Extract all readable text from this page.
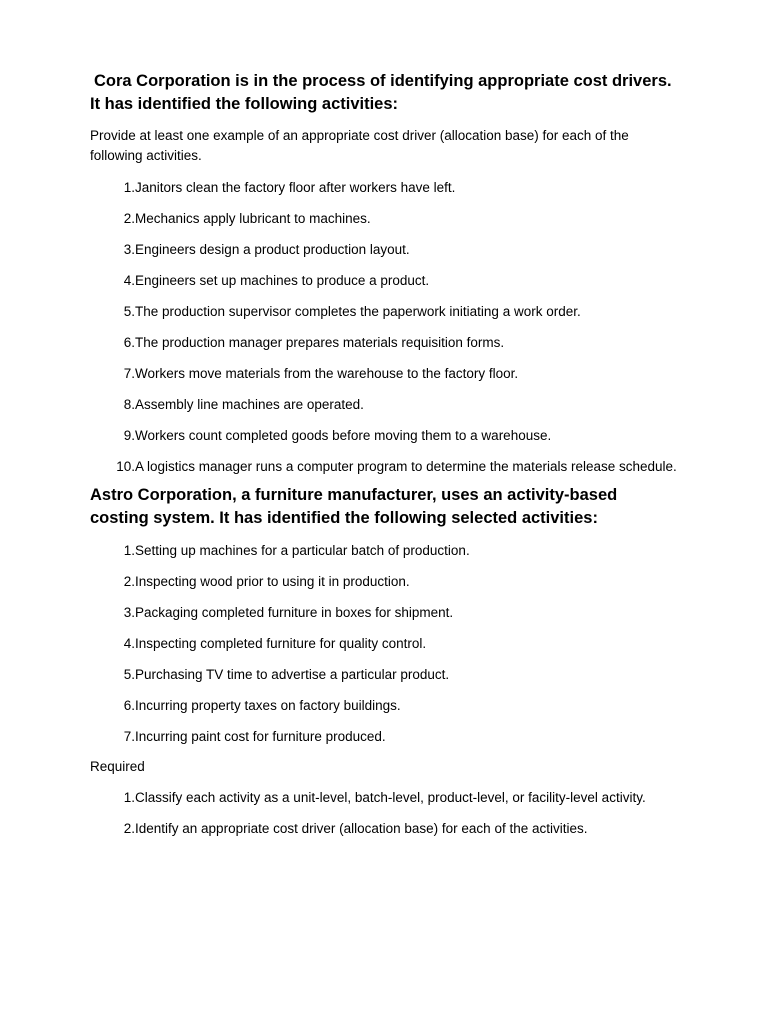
Cora Corporation is in the process of identifying appropriate cost drivers. It has identified the following activities:

Provide at least one example of an appropriate cost driver (allocation base) for each of the following activities.

1. Janitors clean the factory floor after workers have left.
2. Mechanics apply lubricant to machines.
3. Engineers design a product production layout.
4. Engineers set up machines to produce a product.
5. The production supervisor completes the paperwork initiating a work order.
6. The production manager prepares materials requisition forms.
7. Workers move materials from the warehouse to the factory floor.
8. Assembly line machines are operated.
9. Workers count completed goods before moving them to a warehouse.
10. A logistics manager runs a computer program to determine the materials release schedule.
Astro Corporation, a furniture manufacturer, uses an activity-based costing system. It has identified the following selected activities:
1. Setting up machines for a particular batch of production.
2. Inspecting wood prior to using it in production.
3. Packaging completed furniture in boxes for shipment.
4. Inspecting completed furniture for quality control.
5. Purchasing TV time to advertise a particular product.
6. Incurring property taxes on factory buildings.
7. Incurring paint cost for furniture produced.

Required

1. Classify each activity as a unit-level, batch-level, product-level, or facility-level activity.
2. Identify an appropriate cost driver (allocation base) for each of the activities.
